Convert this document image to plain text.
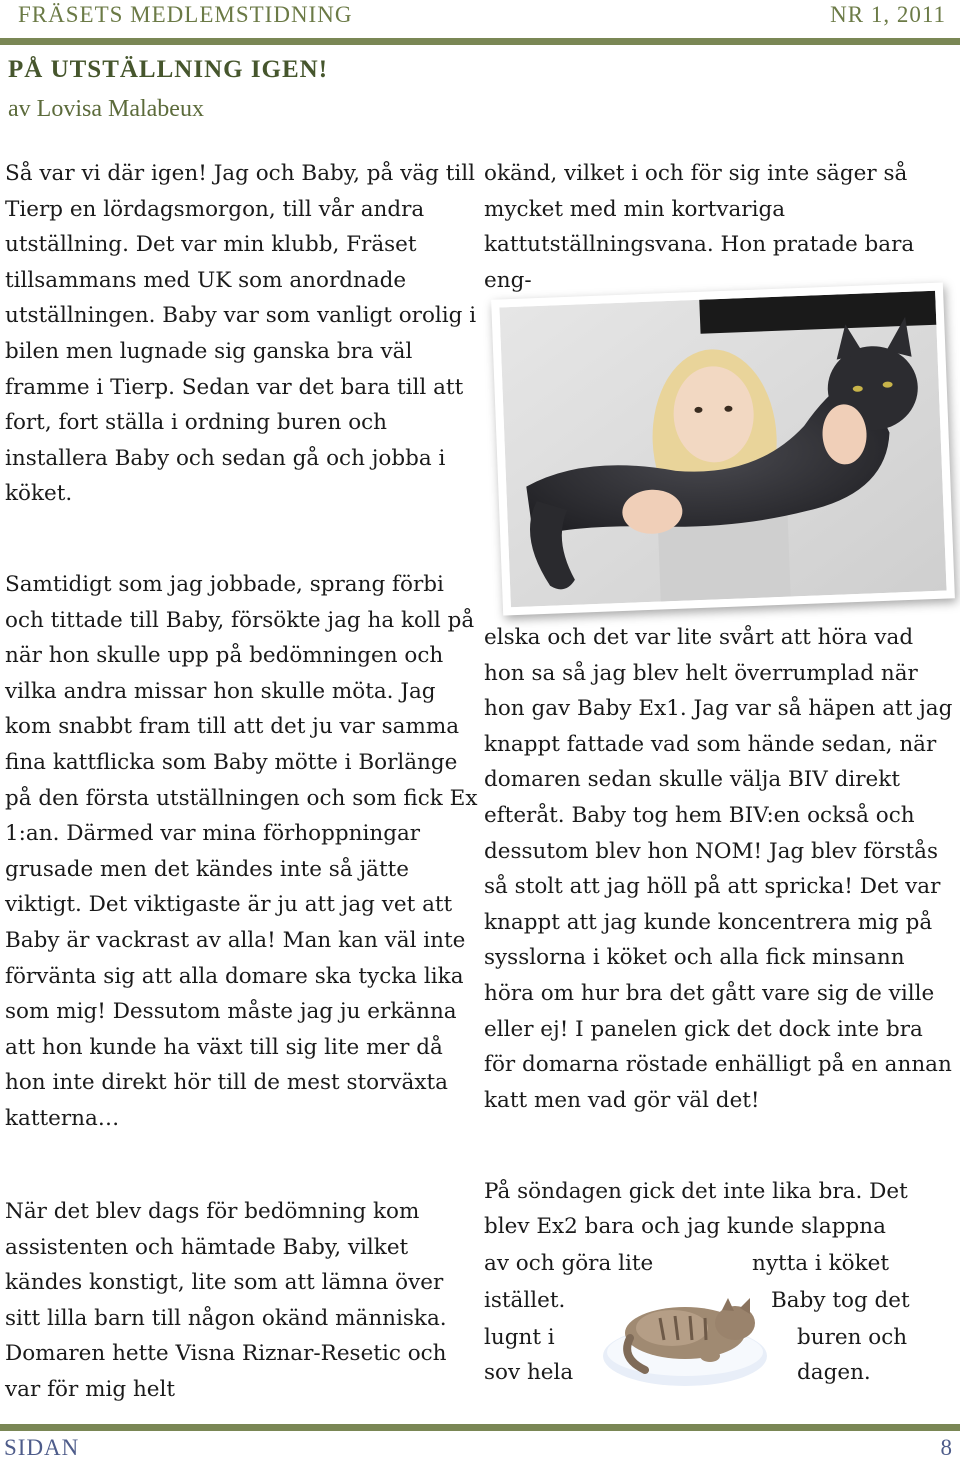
FRÄSETS MEDLEMSTIDNING	NR 1, 2011
PÅ UTSTÄLLNING IGEN!

av Lovisa Malabeux

Så var vi där igen! Jag och Baby, på väg till Tierp en lördagsmorgon, till vår andra utställning. Det var min klubb, Fräset tillsammans med UK som anordnade utställningen. Baby var som vanligt orolig i bilen men lugnade sig ganska bra väl framme i Tierp. Sedan var det bara till att fort, fort ställa i ordning buren och installera Baby och sedan gå och jobba i köket.

Samtidigt som jag jobbade, sprang förbi och tittade till Baby, försökte jag ha koll på när hon skulle upp på bedömningen och vilka andra missar hon skulle möta. Jag kom snabbt fram till att det ju var samma fina kattflicka som Baby mötte i Borlänge på den första utställningen och som fick Ex 1:an. Därmed var mina förhoppningar grusade men det kändes inte så jätte viktigt. Det viktigaste är ju att jag vet att Baby är vackrast av alla! Man kan väl inte förvänta sig att alla domare ska tycka lika som mig! Dessutom måste jag ju erkänna att hon kunde ha växt till sig lite mer då hon inte direkt hör till de mest storväxta katterna…

När det blev dags för bedömning kom assistenten och hämtade Baby, vilket kändes konstigt, lite som att lämna över sitt lilla barn till någon okänd människa. Domaren hette Visna Riznar-Resetic och var för mig helt

okänd, vilket i och för sig inte säger så mycket med min kortvariga kattutställningsvana. Hon pratade bara eng-

elska och det var lite svårt att höra vad hon sa så jag blev helt överrumplad när hon gav Baby Ex1. Jag var så häpen att jag knappt fattade vad som hände sedan, när domaren sedan skulle välja BIV direkt efteråt. Baby tog hem BIV:en också och dessutom blev hon NOM! Jag blev förstås så stolt att jag höll på att spricka! Det var knappt att jag kunde koncentrera mig på sysslorna i köket och alla fick minsann höra om hur bra det gått vare sig de ville eller ej! I panelen gick det dock inte bra för domarna röstade enhälligt på en annan katt men vad gör väl det!

På söndagen gick det inte lika bra. Det

blev Ex2 bara och jag kunde slappna

av och göra lite	nytta i köket

istället.	Baby tog det

lugnt i	buren och

sov hela	dagen.

SIDAN	8
